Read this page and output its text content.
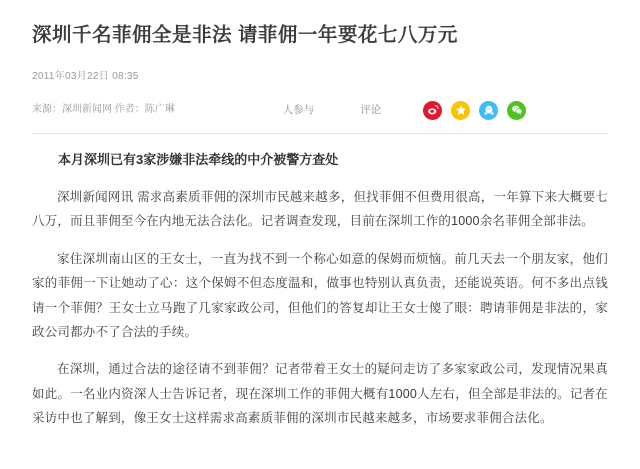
深圳千名菲佣全是非法 请菲佣一年要花七八万元
2011年03月22日 08:35
来源：深圳新闻网 作者：陈广琳	人参与	评论

本月深圳已有3家涉嫌非法牵线的中介被警方查处

深圳新闻网讯 需求高素质菲佣的深圳市民越来越多，但找菲佣不但费用很高，一年算下来大概要七八万，而且菲佣至今在内地无法合法化。记者调查发现，目前在深圳工作的1000余名菲佣全部非法。

家住深圳南山区的王女士，一直为找不到一个称心如意的保姆而烦恼。前几天去一个朋友家，他们家的菲佣一下让她动了心：这个保姆不但态度温和，做事也特别认真负责，还能说英语。何不多出点钱请一个菲佣？王女士立马跑了几家家政公司，但他们的答复却让王女士傻了眼：聘请菲佣是非法的，家政公司都办不了合法的手续。

在深圳，通过合法的途径请不到菲佣？记者带着王女士的疑问走访了多家家政公司，发现情况果真如此。一名业内资深人士告诉记者，现在深圳工作的菲佣大概有1000人左右，但全部是非法的。记者在采访中也了解到，像王女士这样需求高素质菲佣的深圳市民越来越多，市场要求菲佣合法化。
